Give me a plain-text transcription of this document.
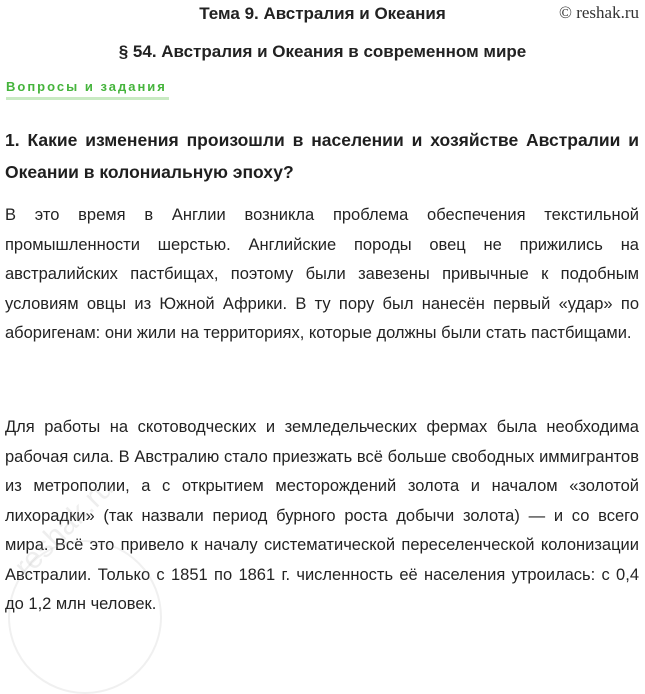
Тема 9. Австралия и Океания	© reshak.ru
§ 54. Австралия и Океания в современном мире
Вопросы и задания
1. Какие изменения произошли в населении и хозяйстве Австралии и Океании в колониальную эпоху?

В это время в Англии возникла проблема обеспечения текстильной промышленности шерстью. Английские породы овец не прижились на австралийских пастбищах, поэтому были завезены привычные к подобным условиям овцы из Южной Африки. В ту пору был нанесён первый «удар» по аборигенам: они жили на территориях, которые должны были стать пастбищами.

Для работы на скотоводческих и земледельческих фермах была необходима рабочая сила. В Австралию стало приезжать всё больше свободных иммигрантов из метрополии, а с открытием месторождений золота и началом «золотой лихорадки» (так назвали период бурного роста добычи золота) — и со всего мира. Всё это привело к началу систематической переселенческой колонизации Австралии. Только с 1851 по 1861 г. численность её населения утроилась: с 0,4 до 1,2 млн человек.

reshak.ru
